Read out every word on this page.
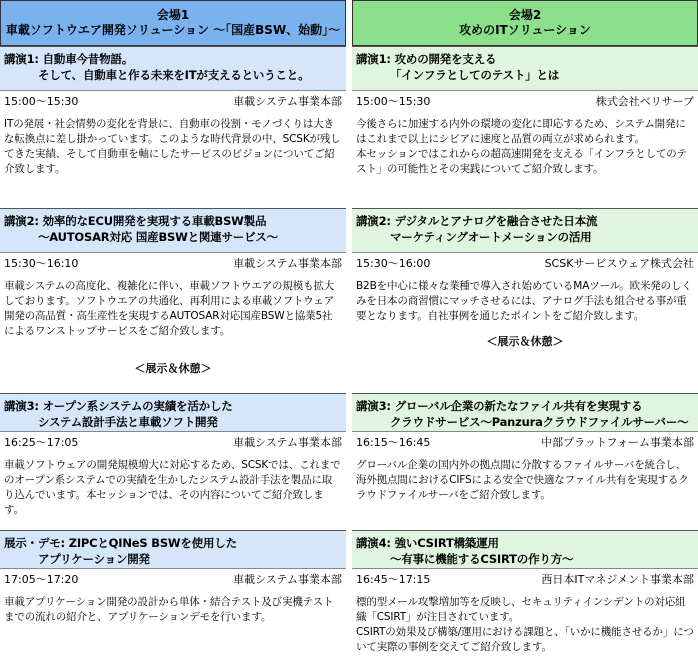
会場1
車載ソフトウエア開発ソリューション ～｢国産BSW、始動｣～
講演1: 自動車今昔物語。
そして、自動車と作る未来をITが支えるということ。
15:00～15:30	車載システム事業本部
ITの発展・社会情勢の変化を背景に、自動車の役割・モノづくりは大きな転換点に差し掛かっています。このような時代背景の中、SCSKが残してきた実績、そして自動車を軸にしたサービスのビジョンについてご紹介致します。
講演2: 効率的なECU開発を実現する車載BSW製品
～AUTOSAR対応 国産BSWと関連サービス～
15:30～16:10	車載システム事業本部
車載システムの高度化、複雑化に伴い、車載ソフトウエアの規模も拡大しております。ソフトウエアの共通化、再利用による車載ソフトウェア開発の高品質・高生産性を実現するAUTOSAR対応国産BSWと協業5社によるワンストップサービスをご紹介致します。
＜展示＆休憩＞
講演3: オープン系システムの実績を活かした
システム設計手法と車載ソフト開発
16:25～17:05	車載システム事業本部
車載ソフトウェアの開発規模増大に対応するため、SCSKでは、これまでのオープン系システムでの実績を生かしたシステム設計手法を製品に取り込んでいます。本セッションでは、その内容についてご紹介致します。
展示・デモ: ZIPCとQINeS BSWを使用した
アプリケーション開発
17:05～17:20	車載システム事業本部
車載アプリケーション開発の設計から単体・結合テスト及び実機テストまでの流れの紹介と、アプリケーションデモを行います。
会場2
攻めのITソリューション
講演1: 攻めの開発を支える
「インフラとしてのテスト」とは
15:00～15:30	株式会社ベリサーブ
今後さらに加速する内外の環境の変化に即応するため、システム開発にはこれまで以上にシビアに速度と品質の両立が求められます。
本セッションではこれからの超高速開発を支える「インフラとしてのテスト」の可能性とその実践についてご紹介致します。
講演2: デジタルとアナログを融合させた日本流
マーケティングオートメーションの活用
15:30～16:00	SCSKサービスウェア株式会社
B2Bを中心に様々な業種で導入され始めているMAツール。欧米発のしくみを日本の商習慣にマッチさせるには、アナログ手法も組合せる事が重要となります。自社事例を通じたポイントをご紹介致します。
＜展示＆休憩＞
講演3: グローバル企業の新たなファイル共有を実現する
クラウドサービス～Panzuraクラウドファイルサーバー～
16:15～16:45	中部プラットフォーム事業本部
グローバル企業の国内外の拠点間に分散するファイルサーバを統合し、海外拠点間におけるCIFSによる安全で快適なファイル共有を実現するクラウドファイルサーバをご紹介致します。
講演4: 強いCSIRT構築運用
～有事に機能するCSIRTの作り方～
16:45～17:15	西日本ITマネジメント事業本部
標的型メール攻撃増加等を反映し、セキュリティインシデントの対応組織「CSIRT」が注目されています。
CSIRTの効果及び構築/運用における課題と、「いかに機能させるか」について実際の事例を交えてご紹介致します。
